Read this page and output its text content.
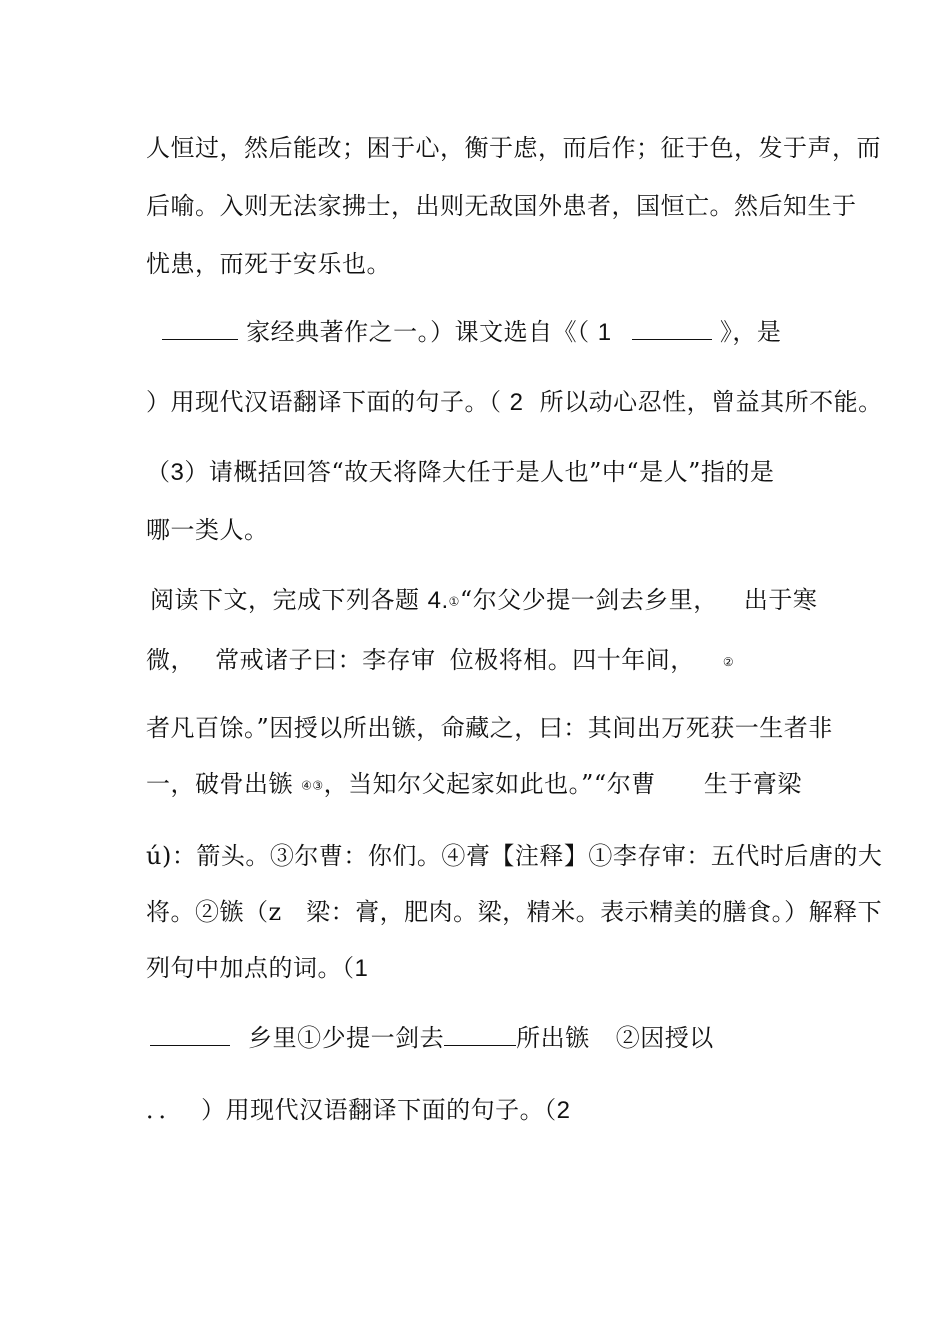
人恒过，然后能改；困于心，衡于虑，而后作；征于色，发于声，而
后喻。入则无法家拂士，出则无敌国外患者，国恒亡。然后知生于
忧患，而死于安乐也。
家经典著作之一。）课文选自《（ 1	》，是
）用现代汉语翻译下面的句子。（ 2 所以动心忍性，曾益其所不能。
（3）请概括回答“故天将降大任于是人也”中“是人”指的是
哪一类人。
阅读下文，完成下列各题 4.①“尔父少提一剑去乡里， 出于寒
微， 常戒诸子曰：李存审 位极将相。四十年间， ②
者凡百馀。”因授以所出镞，命藏之，曰：其间出万死获一生者非
一，破骨出镞 ④③，当知尔父起家如此也。”“尔曹 生于膏梁
ú)：箭头。③尔曹：你们。④膏【注释】①李存审：五代时后唐的大
将。②镞（z　梁：膏，肥肉。梁，精米。表示精美的膳食。）解释下
列句中加点的词。（1
乡里①少提一剑去	所出镞 ②因授以
．． ）用现代汉语翻译下面的句子。（2
